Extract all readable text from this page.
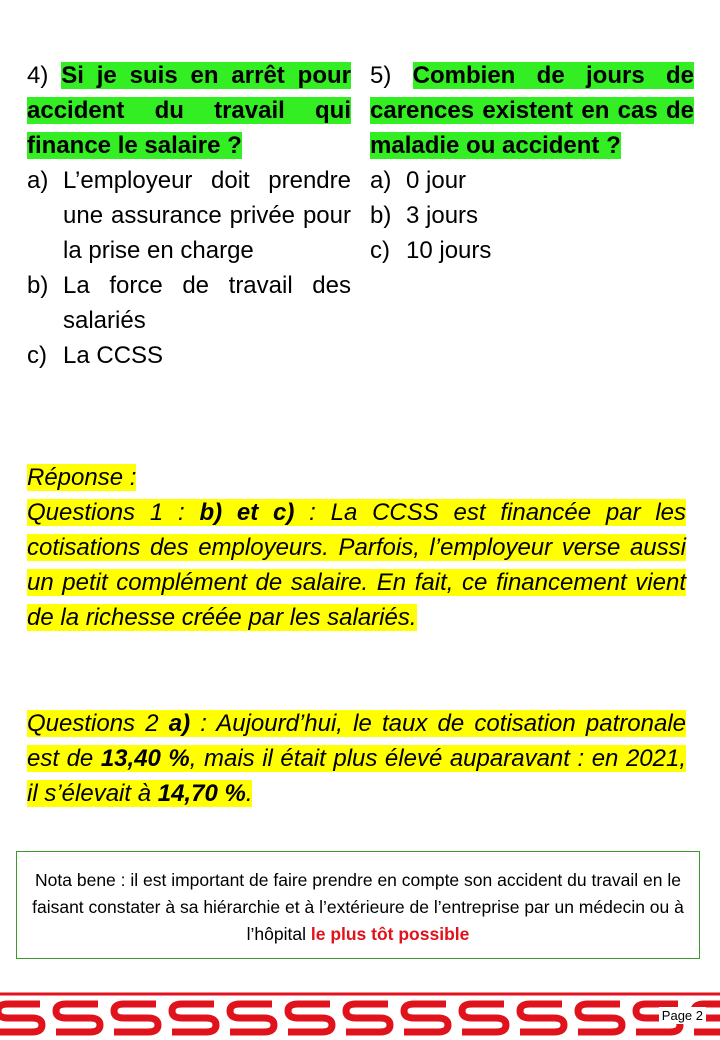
4) Si je suis en arrêt pour accident du travail qui finance le salaire ?
a) L’employeur doit prendre une assurance privée pour la prise en charge
b) La force de travail des salariés
c) La CCSS
5) Combien de jours de carences existent en cas de maladie ou accident ?
a) 0 jour
b) 3 jours
c) 10 jours

Réponse :
Questions 1 : b) et c) : La CCSS est financée par les cotisations des employeurs. Parfois, l’employeur verse aussi un petit complément de salaire. En fait, ce financement vient de la richesse créée par les salariés.

Questions 2 a) : Aujourd’hui, le taux de cotisation patronale est de 13,40 %, mais il était plus élevé auparavant : en 2021, il s’élevait à 14,70 %.

Nota bene : il est important de faire prendre en compte son accident du travail en le faisant constater à sa hiérarchie et à l’extérieure de l’entreprise par un médecin ou à l’hôpital le plus tôt possible
Page 2
